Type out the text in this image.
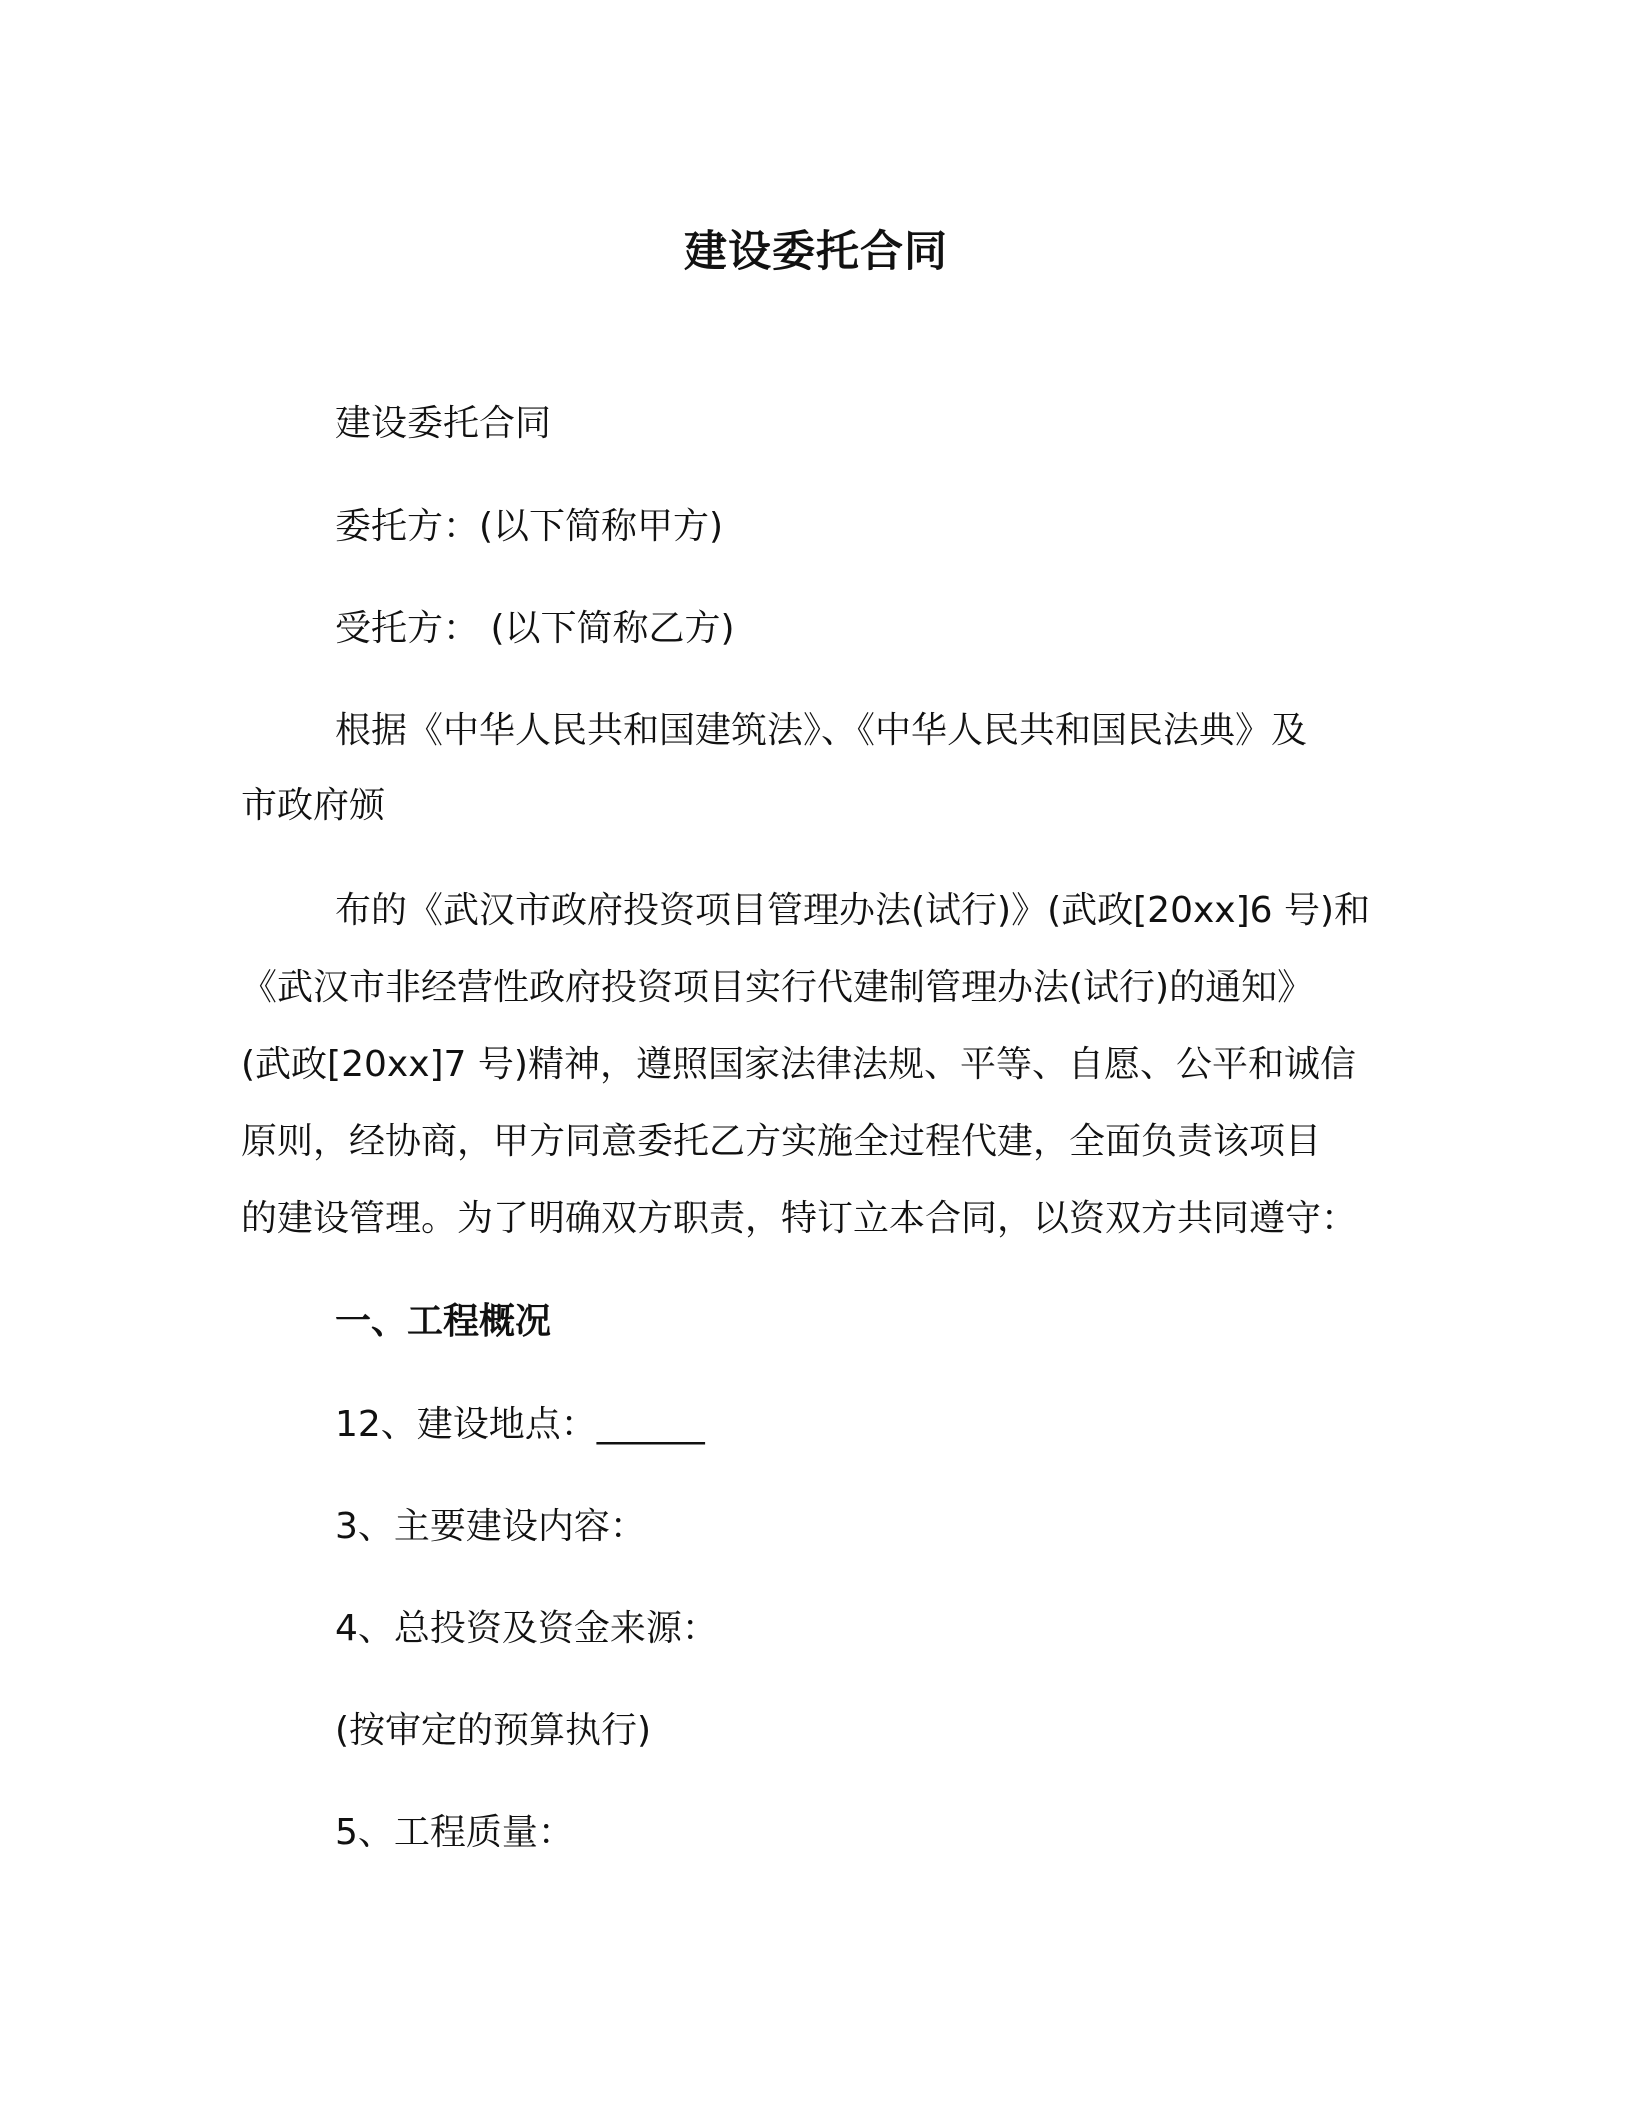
建设委托合同
建设委托合同
委托方：(以下简称甲方)
受托方： (以下简称乙方)
根据《中华人民共和国建筑法》、《中华人民共和国民法典》及
市政府颁
布的《武汉市政府投资项目管理办法(试行)》(武政[20xx]6 号)和
《武汉市非经营性政府投资项目实行代建制管理办法(试行)的通知》
(武政[20xx]7 号)精神，遵照国家法律法规、平等、自愿、公平和诚信
原则，经协商，甲方同意委托乙方实施全过程代建，全面负责该项目
的建设管理。为了明确双方职责，特订立本合同，以资双方共同遵守：
一、工程概况
12、建设地点：______
3、主要建设内容：
4、总投资及资金来源：
(按审定的预算执行)
5、工程质量：
